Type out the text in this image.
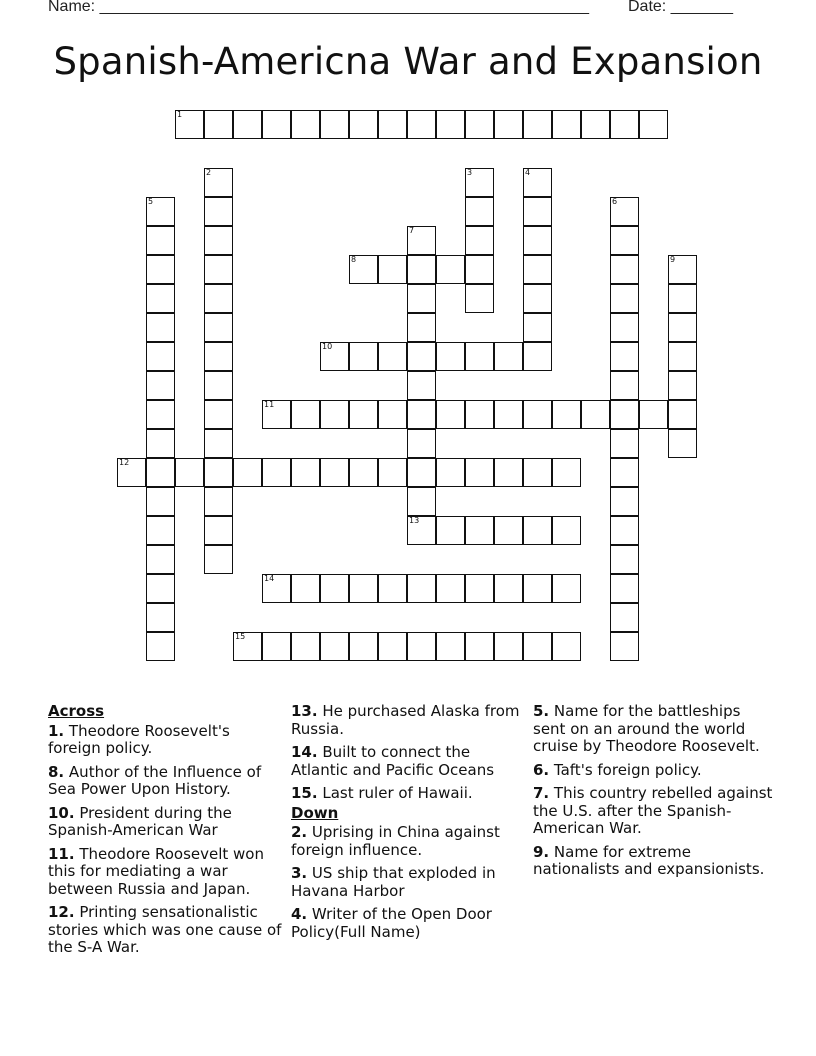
Name: _______________________________________________________ Date: _______
Spanish-Americna War and Expansion
1
2	3	4
5	6
7
13
8	9
10
11
12
14
15
Across
1. Theodore Roosevelt's foreign policy.
8. Author of the Influence of Sea Power Upon History.
10. President during the Spanish-American War
11. Theodore Roosevelt won this for mediating a war between Russia and Japan.
12. Printing sensationalistic stories which was one cause of the S-A War.
13. He purchased Alaska from Russia.
14. Built to connect the Atlantic and Pacific Oceans
15. Last ruler of Hawaii.
Down
2. Uprising in China against foreign influence.
3. US ship that exploded in Havana Harbor
4. Writer of the Open Door Policy(Full Name)
5. Name for the battleships sent on an around the world cruise by Theodore Roosevelt.
6. Taft's foreign policy.
7. This country rebelled against the U.S. after the Spanish-American War.
9. Name for extreme nationalists and expansionists.
